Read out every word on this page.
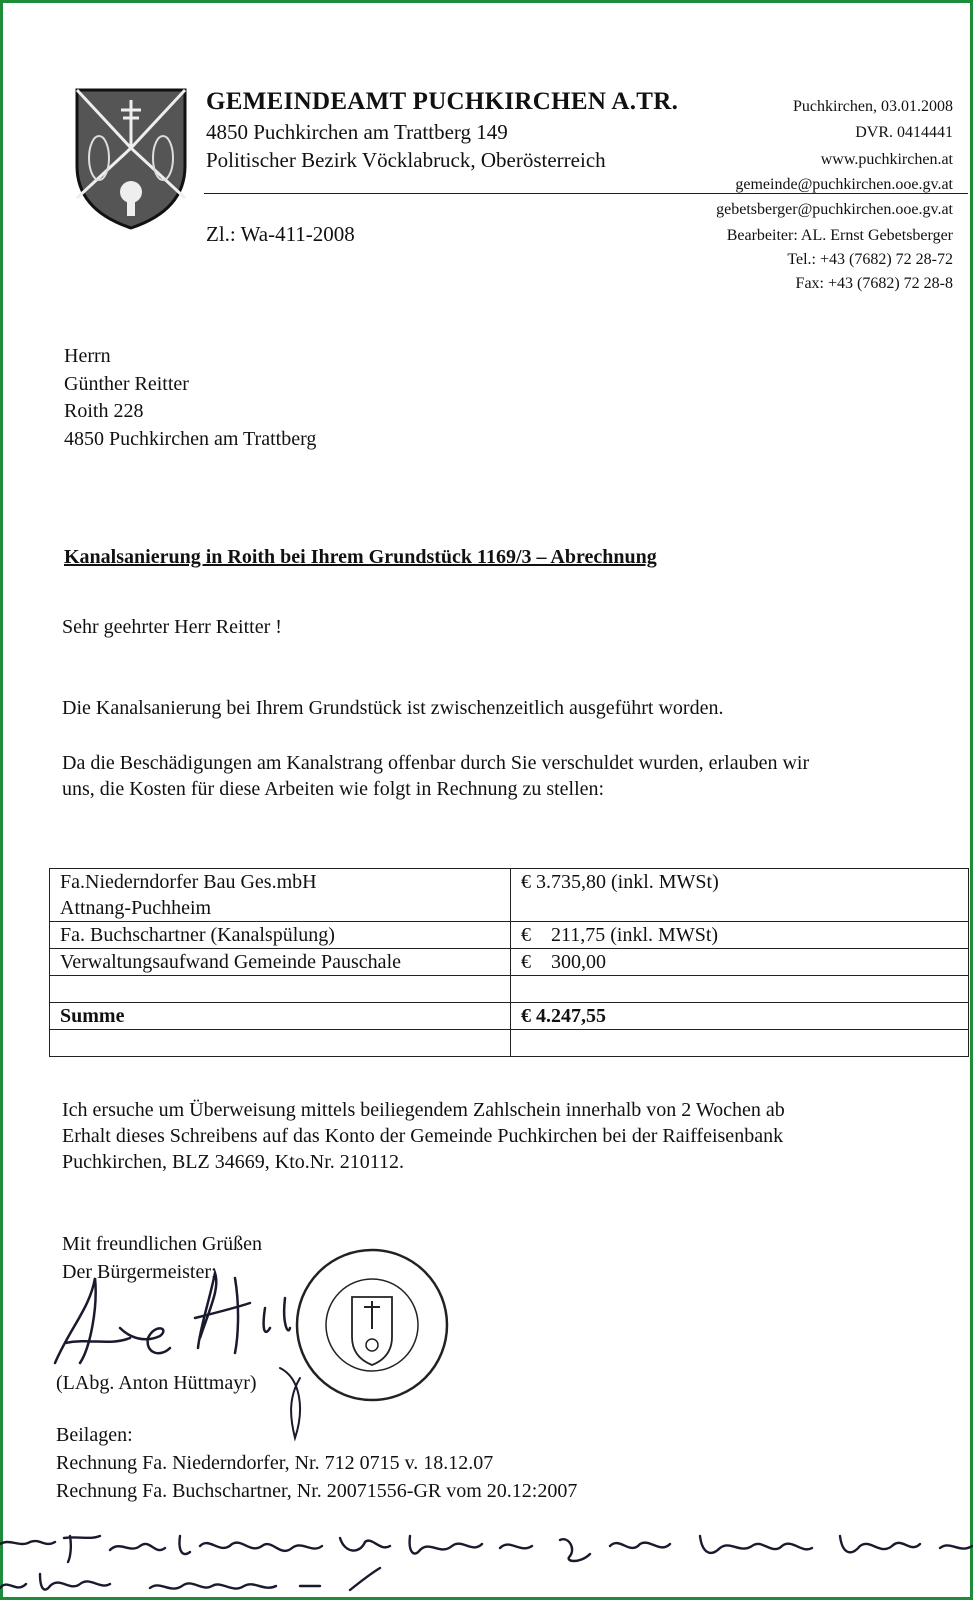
GEMEINDEAMT PUCHKIRCHEN A.TR.
4850 Puchkirchen am Trattberg 149
Politischer Bezirk Vöcklabruck, Oberösterreich
Zl.: Wa-411-2008
Puchkirchen, 03.01.2008
DVR. 0414441
www.puchkirchen.at
gemeinde@puchkirchen.ooe.gv.at
gebetsberger@puchkirchen.ooe.gv.at
Bearbeiter: AL. Ernst Gebetsberger
Tel.: +43 (7682) 72 28-72
Fax: +43 (7682) 72 28-8
Herrn
Günther Reitter
Roith 228
4850 Puchkirchen am Trattberg
Kanalsanierung in Roith bei Ihrem Grundstück 1169/3 – Abrechnung
Sehr geehrter Herr Reitter !
Die Kanalsanierung bei Ihrem Grundstück ist zwischenzeitlich ausgeführt worden.
Da die Beschädigungen am Kanalstrang offenbar durch Sie verschuldet wurden, erlauben wir
uns, die Kosten für diese Arbeiten wie folgt in Rechnung zu stellen:
Fa.Niederndorfer Bau Ges.mbH
Attnang-Puchheim	€ 3.735,80 (inkl. MWSt)
Fa. Buchschartner (Kanalspülung)	€    211,75 (inkl. MWSt)
Verwaltungsaufwand Gemeinde Pauschale	€    300,00

Summe	€ 4.247,55

Ich ersuche um Überweisung mittels beiliegendem Zahlschein innerhalb von 2 Wochen ab
Erhalt dieses Schreibens auf das Konto der Gemeinde Puchkirchen bei der Raiffeisenbank
Puchkirchen, BLZ 34669, Kto.Nr. 210112.
Mit freundlichen Grüßen
Der Bürgermeister:
(LAbg. Anton Hüttmayr)
Beilagen:
Rechnung Fa. Niederndorfer, Nr. 712 0715 v. 18.12.07
Rechnung Fa. Buchschartner, Nr. 20071556-GR vom 20.12:2007
